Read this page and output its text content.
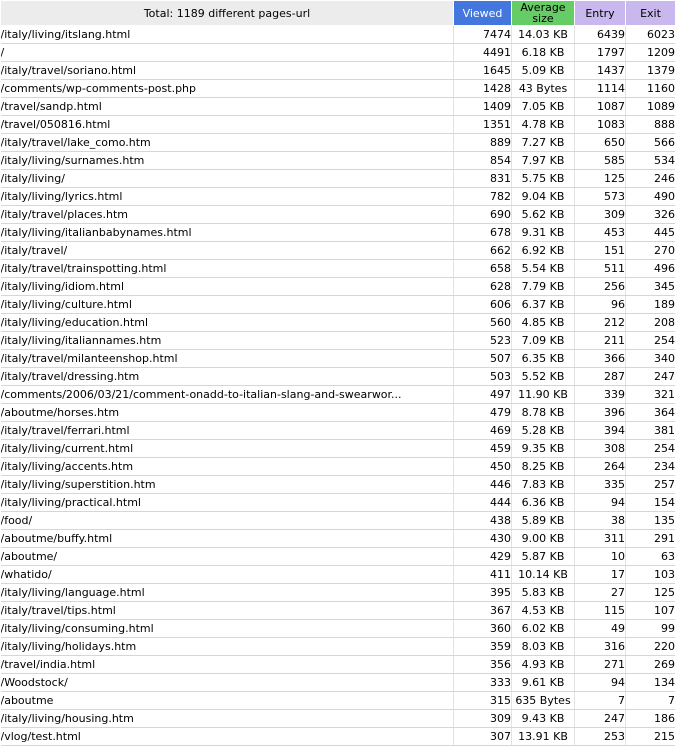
Total: 1189 different pages-url	Viewed	Average size	Entry	Exit
/italy/living/itslang.html	7474	14.03 KB	6439	6023
/	4491	6.18 KB	1797	1209
/italy/travel/soriano.html	1645	5.09 KB	1437	1379
/comments/wp-comments-post.php	1428	43 Bytes	1114	1160
/travel/sandp.html	1409	7.05 KB	1087	1089
/travel/050816.html	1351	4.78 KB	1083	888
/italy/travel/lake_como.htm	889	7.27 KB	650	566
/italy/living/surnames.htm	854	7.97 KB	585	534
/italy/living/	831	5.75 KB	125	246
/italy/living/lyrics.html	782	9.04 KB	573	490
/italy/travel/places.htm	690	5.62 KB	309	326
/italy/living/italianbabynames.html	678	9.31 KB	453	445
/italy/travel/	662	6.92 KB	151	270
/italy/travel/trainspotting.html	658	5.54 KB	511	496
/italy/living/idiom.html	628	7.79 KB	256	345
/italy/living/culture.html	606	6.37 KB	96	189
/italy/living/education.html	560	4.85 KB	212	208
/italy/living/italiannames.htm	523	7.09 KB	211	254
/italy/travel/milanteenshop.html	507	6.35 KB	366	340
/italy/travel/dressing.htm	503	5.52 KB	287	247
/comments/2006/03/21/comment-onadd-to-italian-slang-and-swearwor...	497	11.90 KB	339	321
/aboutme/horses.htm	479	8.78 KB	396	364
/italy/travel/ferrari.html	469	5.28 KB	394	381
/italy/living/current.html	459	9.35 KB	308	254
/italy/living/accents.htm	450	8.25 KB	264	234
/italy/living/superstition.htm	446	7.83 KB	335	257
/italy/living/practical.html	444	6.36 KB	94	154
/food/	438	5.89 KB	38	135
/aboutme/buffy.html	430	9.00 KB	311	291
/aboutme/	429	5.87 KB	10	63
/whatido/	411	10.14 KB	17	103
/italy/living/language.html	395	5.83 KB	27	125
/italy/travel/tips.html	367	4.53 KB	115	107
/italy/living/consuming.html	360	6.02 KB	49	99
/italy/living/holidays.htm	359	8.03 KB	316	220
/travel/india.html	356	4.93 KB	271	269
/Woodstock/	333	9.61 KB	94	134
/aboutme	315	635 Bytes	7	7
/italy/living/housing.htm	309	9.43 KB	247	186
/vlog/test.html	307	13.91 KB	253	215
